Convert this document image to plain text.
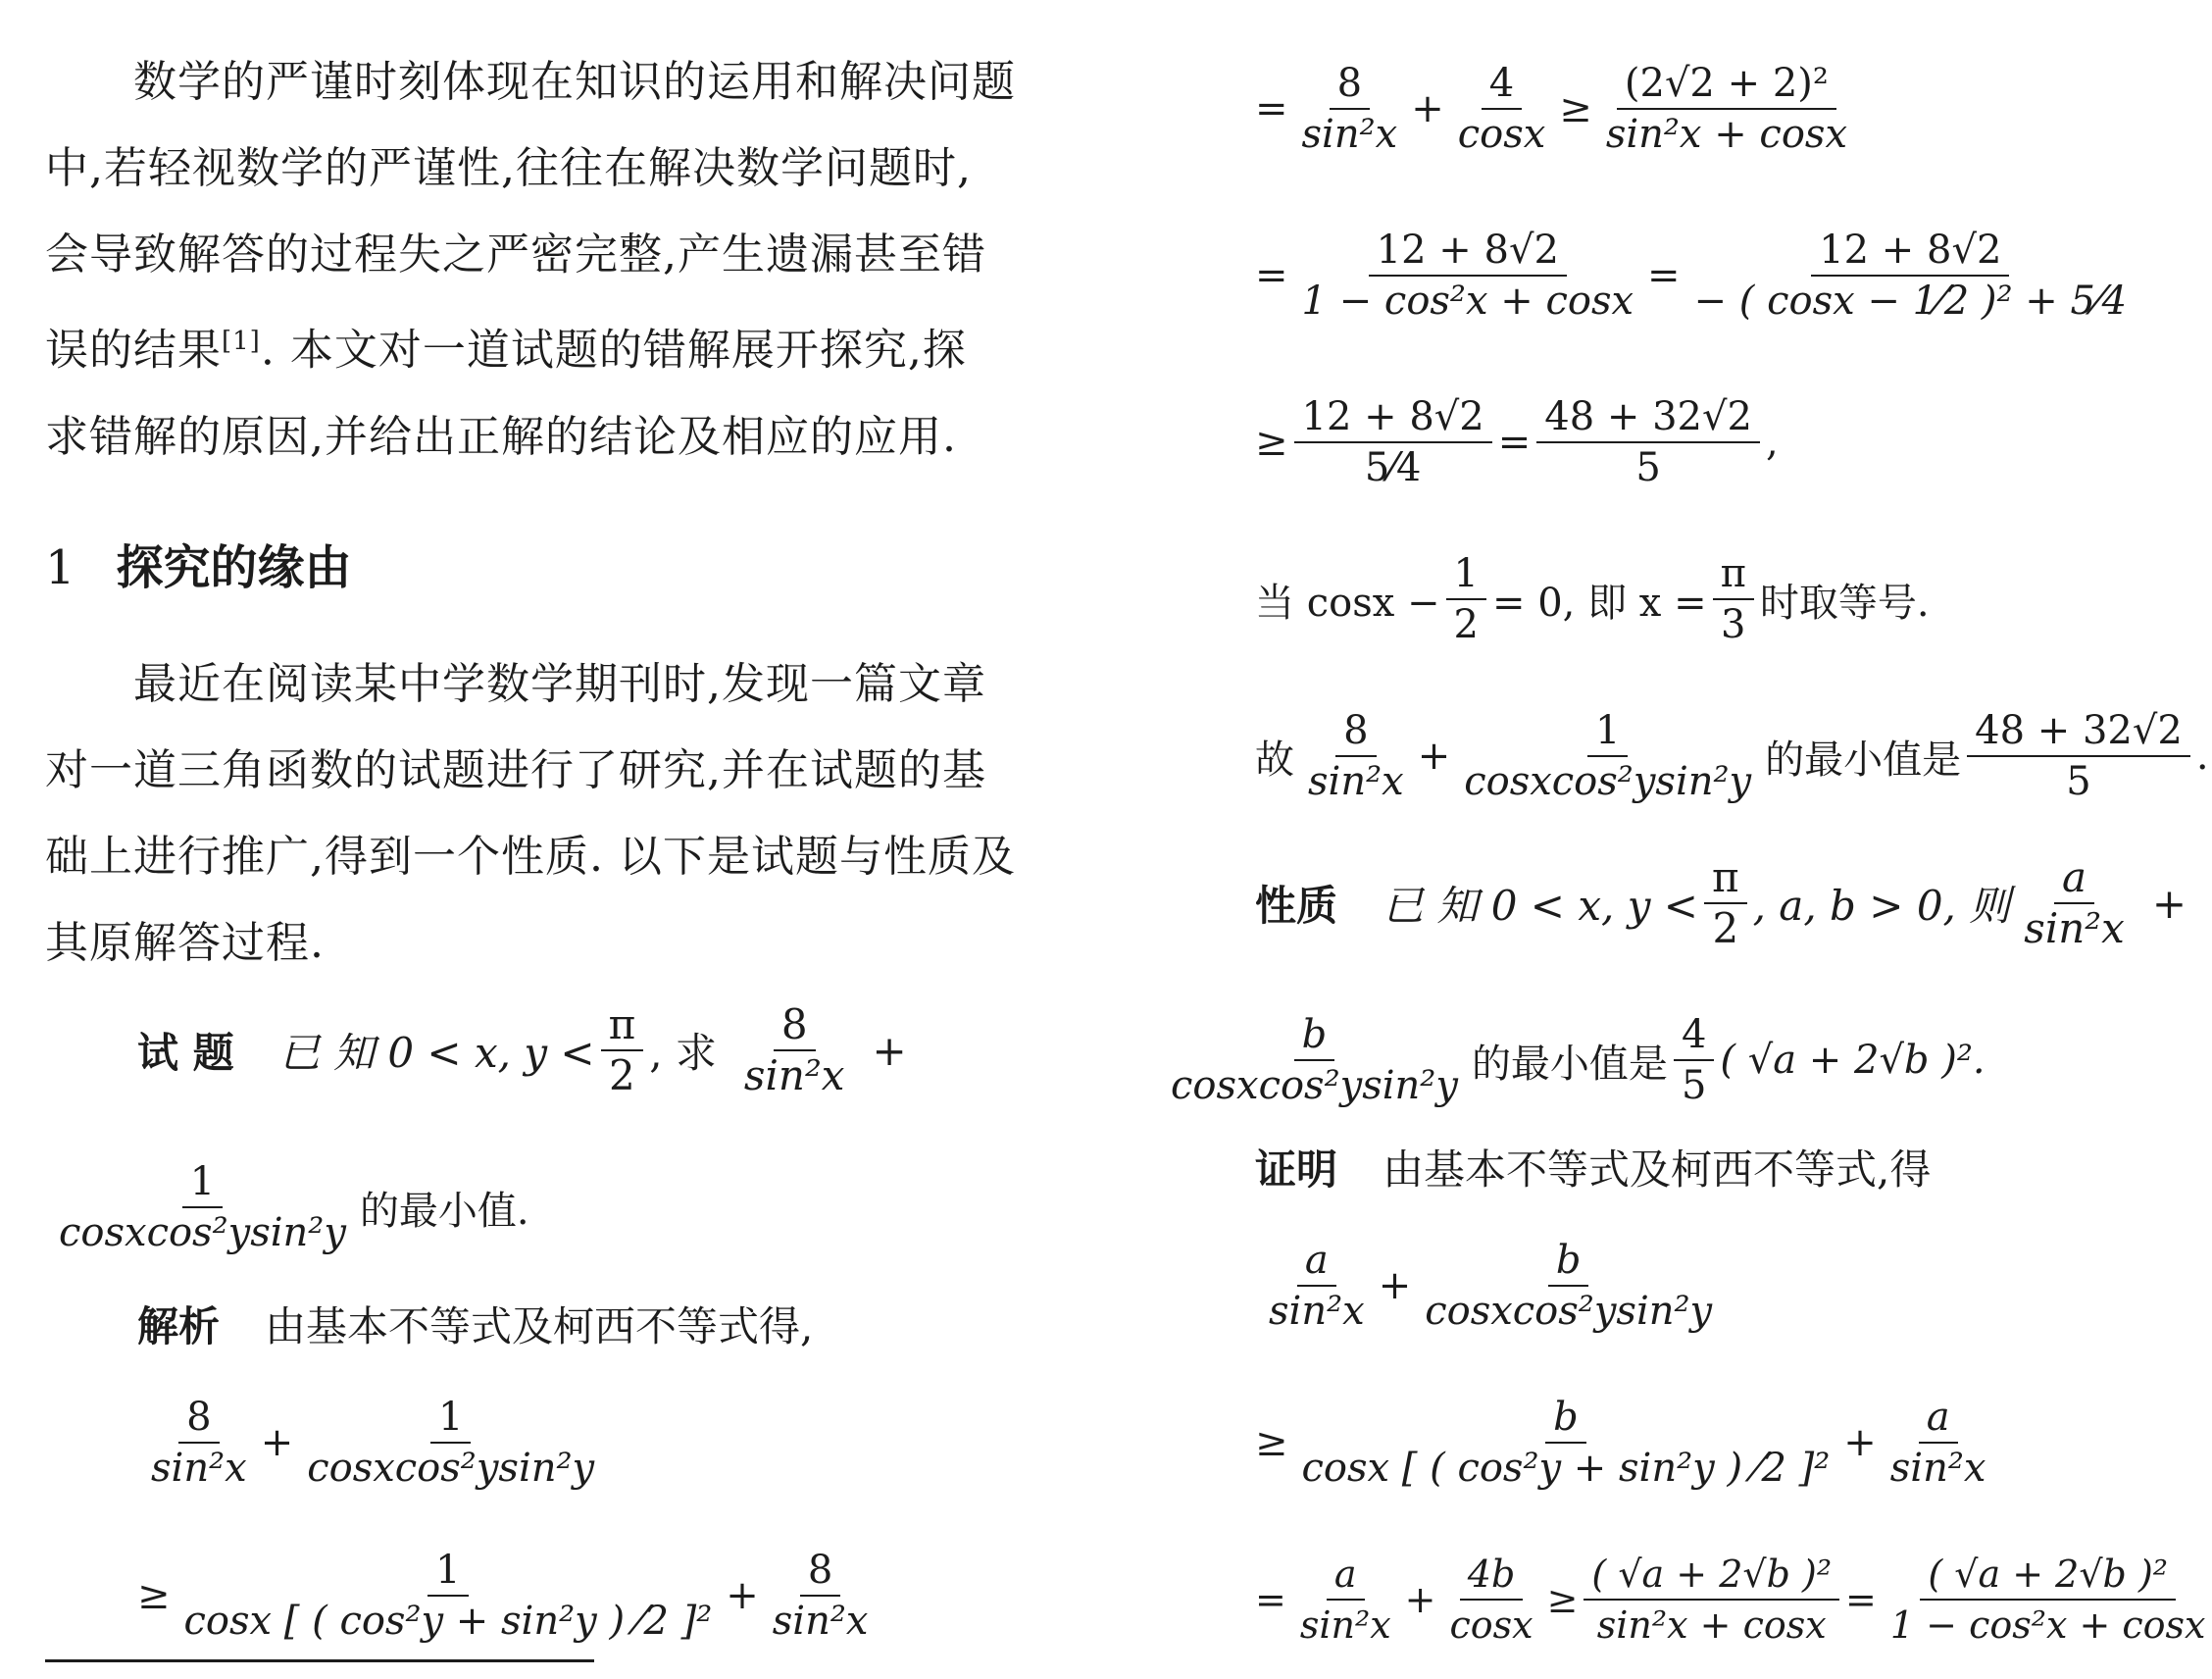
　　数学的严谨时刻体现在知识的运用和解决问题

中,若轻视数学的严谨性,往往在解决数学问题时,

会导致解答的过程失之严密完整,产生遗漏甚至错

误的结果[1]. 本文对一道试题的错解展开探究,探

求错解的原因,并给出正解的结论及相应的应用.

1 探究的缘由

　　最近在阅读某中学数学期刊时,发现一篇文章

对一道三角函数的试题进行了研究,并在试题的基

础上进行推广,得到一个性质. 以下是试题与性质及

其原解答过程.

试 题 已 知 0 < x, $y < \frac{\pi}{2}$ , 求 $\frac{8}{\text{sin²x}}$ +
$\frac{1}{\text{cosxcos²ysin²y}}$ 的最小值.
解析 由基本不等式及柯西不等式得,
$\frac{8}{\text{sin²x}} + \frac{1}{\text{cosxcos²ysin²y}}$
≥ $\frac{1}{\text{cosx [ ( cos²y + sin²y ) ⁄2 ]²}} + \frac{8}{\text{sin²x}}$
= $\frac{8}{\text{sin²x}} + \frac{4}{\cos x} \ge \frac{\text{(2√2 + 2)²}}{\text{sin²x + cosx}}$
= $\frac{12 + 8√2}{\text{1 − cos²x + cosx}} = \frac{12 + 8√2}{\text{− ( cosx − 1⁄2 )² + 5⁄4}}$
≥ $\frac{12 + 8√2}{5⁄4} = \frac{48 + 32√2}{5}$ ,
当 $\cos x - \frac{1}{2} = 0$, 即 $x = \frac{\pi}{3}$ 时取等号.
故 $\frac{8}{\text{sin²x}} + \frac{1}{\text{cosxcos²ysin²y}}$ 的最小值是 $\frac{48 + 32√2}{5}$ .
性质 已 知 0 < x, $y < \frac{\pi}{2}$ , a, b > 0, 则 $\frac{a}{\text{sin²x}}$ +
$\frac{b}{\text{cosxcos²ysin²y}}$ 的最小值是 $\frac{4}{5}$ ( √a + 2√b )².
证明 由基本不等式及柯西不等式,得
$\frac{a}{\text{sin²x}} + \frac{b}{\text{cosxcos²ysin²y}}$
≥ $\frac{b}{\text{cosx [ ( cos²y + sin²y ) ⁄2 ]²}} + \frac{a}{\text{sin²x}}$
= $\frac{a}{\text{sin²x}} + \frac{4b}{\cos x} \ge \frac{\text{( √a + 2√b )²}}{\text{sin²x + cosx}} = \frac{\text{( √a + 2√b )²}}{\text{1 − cos²x + cosx}}$
